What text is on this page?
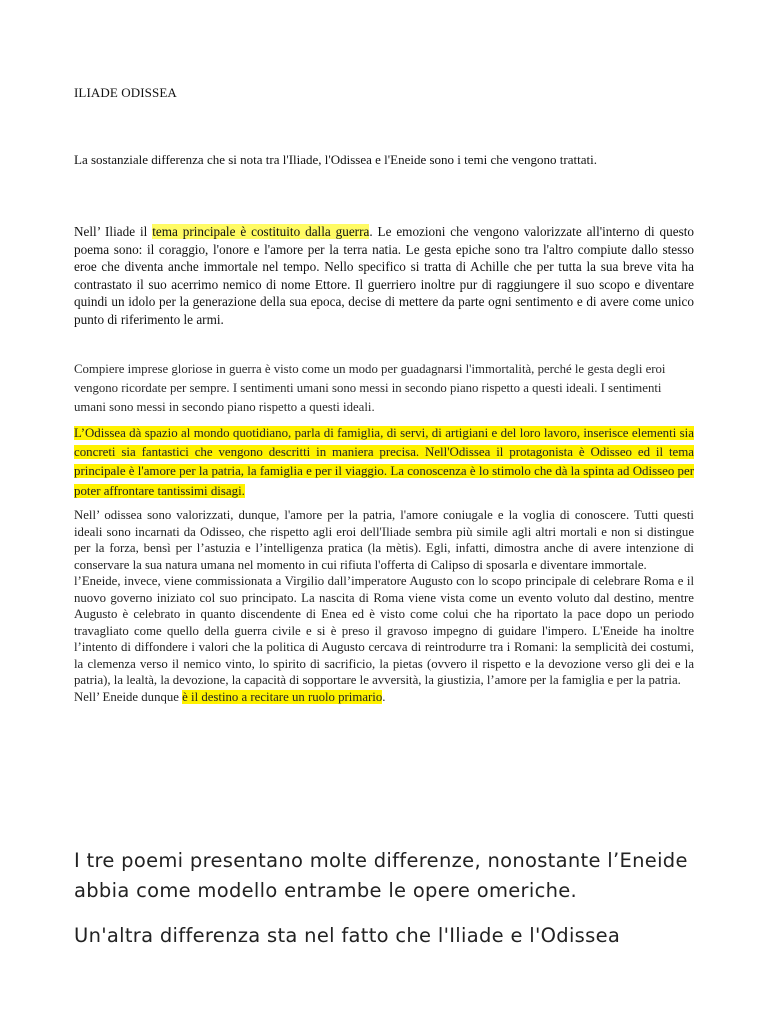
ILIADE ODISSEA
La sostanziale differenza che si nota tra l'Iliade, l'Odissea e l'Eneide sono i temi che vengono trattati.
Nell’ Iliade il tema principale è costituito dalla guerra. Le emozioni che vengono valorizzate all'interno di questo poema sono: il coraggio, l'onore e l'amore per la terra natia. Le gesta epiche sono tra l'altro compiute dallo stesso eroe che diventa anche immortale nel tempo. Nello specifico si tratta di Achille che per tutta la sua breve vita ha contrastato il suo acerrimo nemico di nome Ettore. Il guerriero inoltre pur di raggiungere il suo scopo e diventare quindi un idolo per la generazione della sua epoca, decise di mettere da parte ogni sentimento e di avere come unico punto di riferimento le armi.
Compiere imprese gloriose in guerra è visto come un modo per guadagnarsi l'immortalità, perché le gesta degli eroi vengono ricordate per sempre. I sentimenti umani sono messi in secondo piano rispetto a questi ideali. I sentimenti umani sono messi in secondo piano rispetto a questi ideali.
L’Odissea dà spazio al mondo quotidiano, parla di famiglia, di servi, di artigiani e del loro lavoro, inserisce elementi sia concreti sia fantastici che vengono descritti in maniera precisa. Nell'Odissea il protagonista è Odisseo ed il tema principale è l'amore per la patria, la famiglia e per il viaggio. La conoscenza è lo stimolo che dà la spinta ad Odisseo per poter affrontare tantissimi disagi.
Nell’ odissea sono valorizzati, dunque, l'amore per la patria, l'amore coniugale e la voglia di conoscere. Tutti questi ideali sono incarnati da Odisseo, che rispetto agli eroi dell'Iliade sembra più simile agli altri mortali e non si distingue per la forza, bensì per l’astuzia e l’intelligenza pratica (la mètis). Egli, infatti, dimostra anche di avere intenzione di conservare la sua natura umana nel momento in cui rifiuta l'offerta di Calipso di sposarla e diventare immortale.
l’Eneide, invece, viene commissionata a Virgilio dall’imperatore Augusto con lo scopo principale di celebrare Roma e il nuovo governo iniziato col suo principato. La nascita di Roma viene vista come un evento voluto dal destino, mentre Augusto è celebrato in quanto discendente di Enea ed è visto come colui che ha riportato la pace dopo un periodo travagliato come quello della guerra civile e si è preso il gravoso impegno di guidare l'impero. L'Eneide ha inoltre l’intento di diffondere i valori che la politica di Augusto cercava di reintrodurre tra i Romani: la semplicità dei costumi, la clemenza verso il nemico vinto, lo spirito di sacrificio, la pietas (ovvero il rispetto e la devozione verso gli dei e la patria), la lealtà, la devozione, la capacità di sopportare le avversità, la giustizia, l’amore per la famiglia e per la patria.
Nell’ Eneide dunque è il destino a recitare un ruolo primario.
I tre poemi presentano molte differenze, nonostante l’Eneide abbia come modello entrambe le opere omeriche.
Un'altra differenza sta nel fatto che l'Iliade e l'Odissea
